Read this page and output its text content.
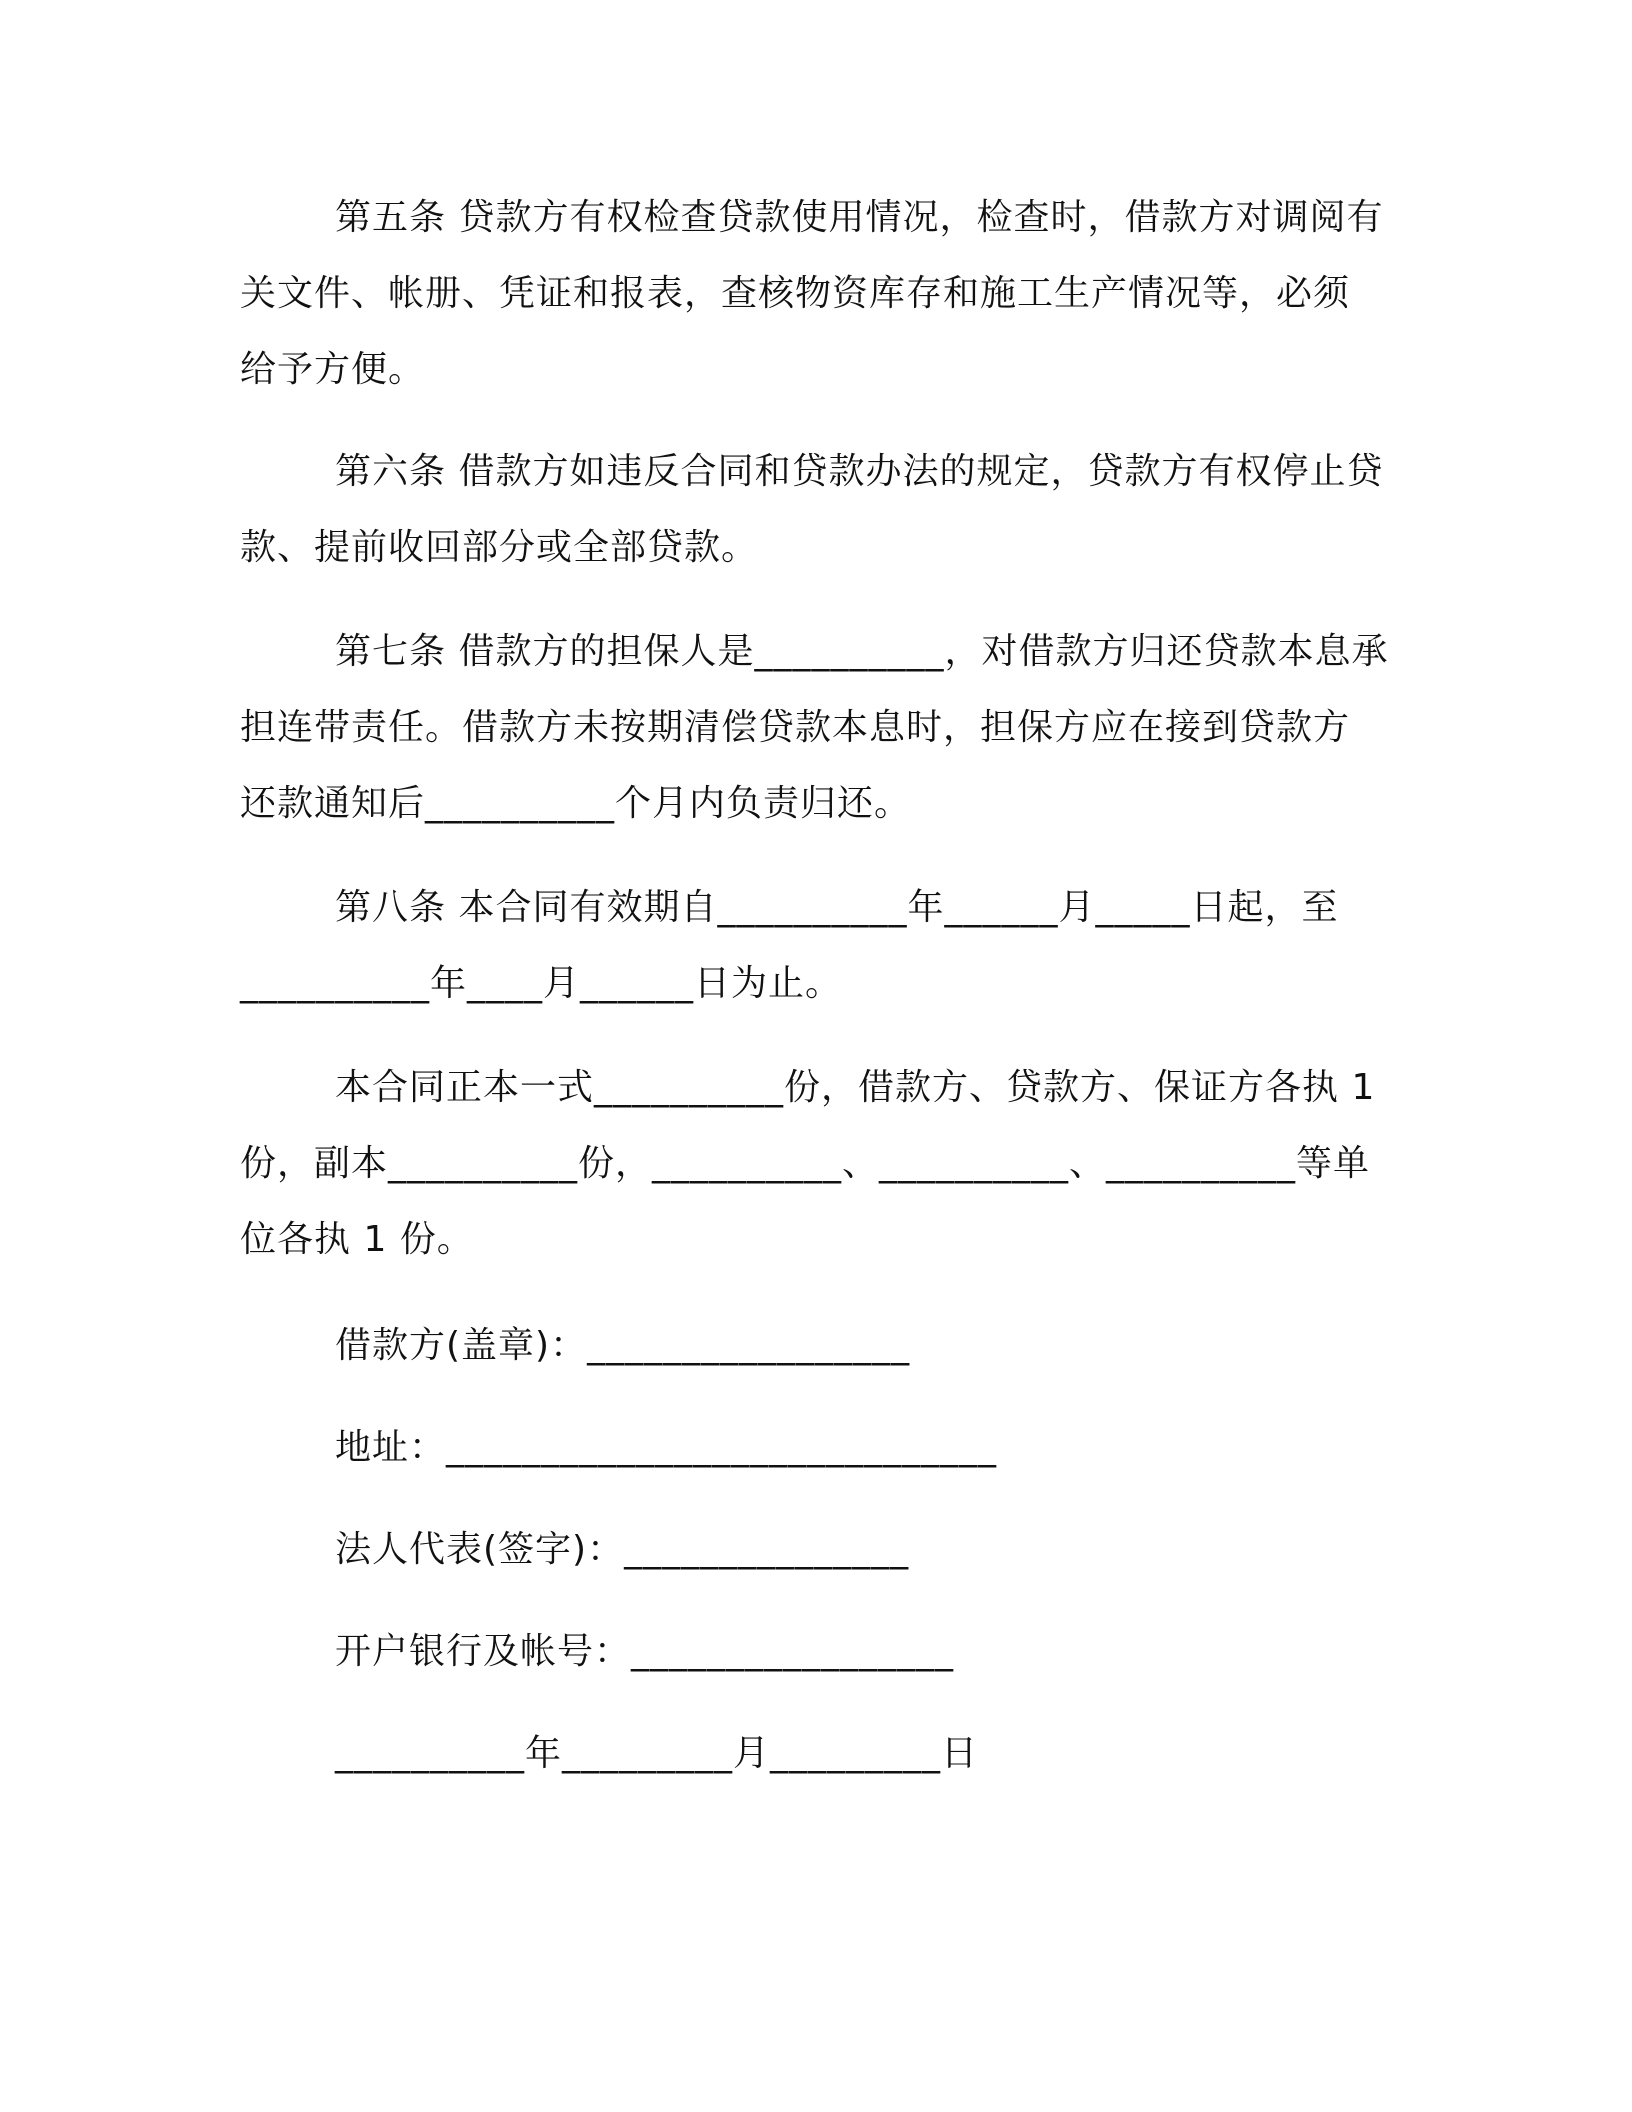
第五条 贷款方有权检查贷款使用情况，检查时，借款方对调阅有
关文件、帐册、凭证和报表，查核物资库存和施工生产情况等，必须
给予方便。
第六条 借款方如违反合同和贷款办法的规定，贷款方有权停止贷
款、提前收回部分或全部贷款。
第七条 借款方的担保人是__________，对借款方归还贷款本息承
担连带责任。借款方未按期清偿贷款本息时，担保方应在接到贷款方
还款通知后__________个月内负责归还。
第八条 本合同有效期自__________年______月_____日起，至
__________年____月______日为止。
本合同正本一式__________份，借款方、贷款方、保证方各执 1
份，副本__________份，__________、__________、__________等单
位各执 1 份。
借款方(盖章)：_________________
地址：_____________________________
法人代表(签字)：_______________
开户银行及帐号：_________________
__________年_________月_________日
